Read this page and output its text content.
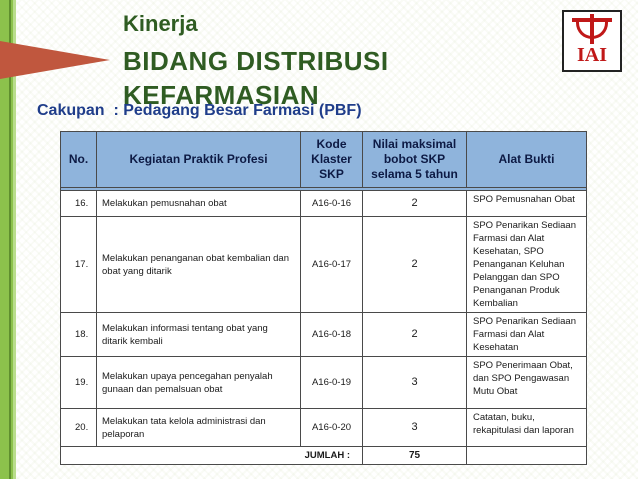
Kinerja
BIDANG DISTRIBUSI
KEFARMASIAN
Cakupan  : Pedagang Besar Farmasi (PBF)
IAI
No.	Kegiatan Praktik Profesi	Kode Klaster SKP	Nilai maksimal bobot SKP selama 5 tahun	Alat Bukti

16.	Melakukan pemusnahan obat	A16-0-16	2	SPO Pemusnahan Obat
17.	Melakukan penanganan obat kembalian dan obat yang ditarik	A16-0-17	2	SPO Penarikan Sediaan Farmasi dan Alat Kesehatan, SPO Penanganan Keluhan Pelanggan dan SPO Penanganan Produk Kembalian
18.	Melakukan informasi tentang obat yang ditarik kembali	A16-0-18	2	SPO Penarikan Sediaan Farmasi dan Alat Kesehatan
19.	Melakukan upaya pencegahan penyalah gunaan dan pemalsuan obat	A16-0-19	3	SPO Penerimaan Obat, dan SPO Pengawasan Mutu Obat
20.	Melakukan tata kelola administrasi dan pelaporan	A16-0-20	3	Catatan, buku, rekapitulasi dan laporan
JUMLAH :			75	
